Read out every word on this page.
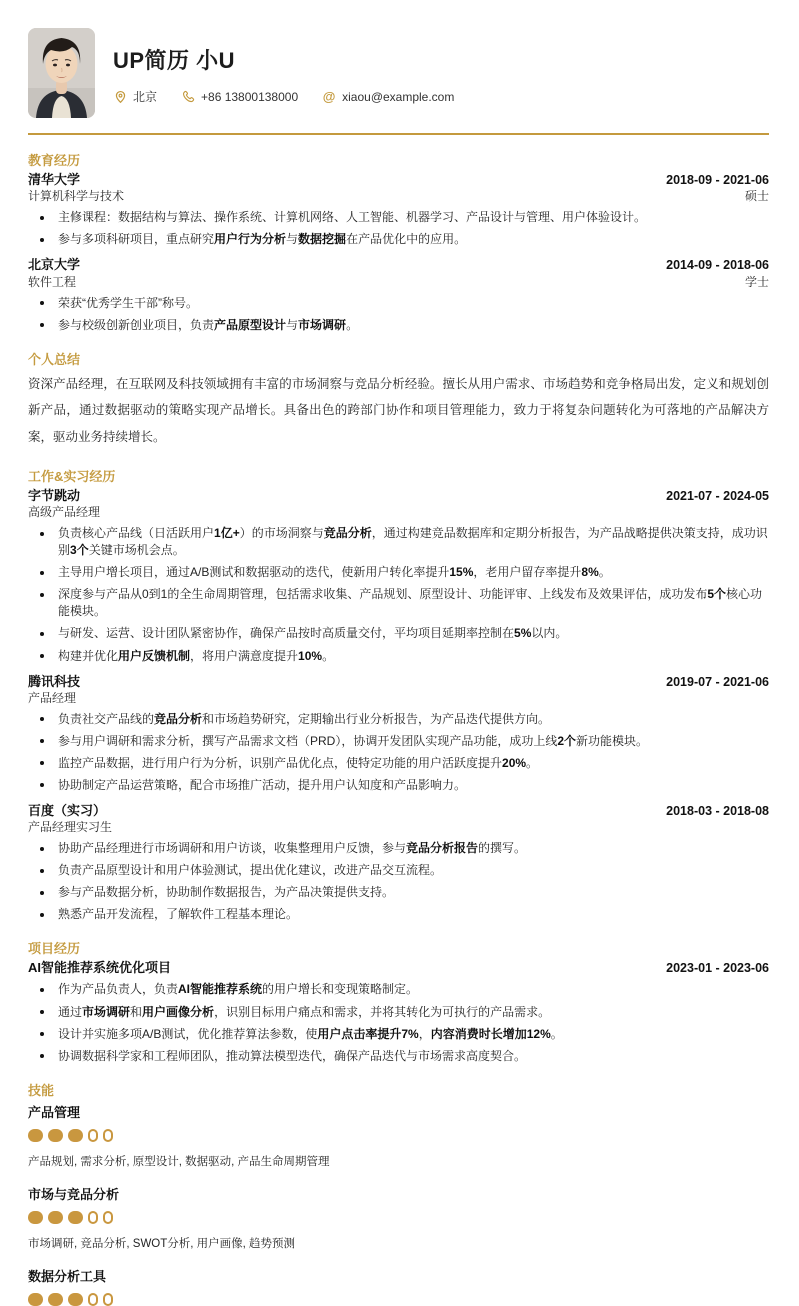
UP简历 小U
北京	+86 13800138000 @ xiaou@example.com
教育经历
清华大学	2018-09 - 2021-06
计算机科学与技术	硕士
主修课程：数据结构与算法、操作系统、计算机网络、人工智能、机器学习、产品设计与管理、用户体验设计。
参与多项科研项目，重点研究用户行为分析与数据挖掘在产品优化中的应用。
北京大学	2014-09 - 2018-06
软件工程	学士
荣获“优秀学生干部”称号。
参与校级创新创业项目，负责产品原型设计与市场调研。
个人总结

资深产品经理，在互联网及科技领域拥有丰富的市场洞察与竞品分析经验。擅长从用户需求、市场趋势和竞争格局出发，定义和规划创新产品，通过数据驱动的策略实现产品增长。具备出色的跨部门协作和项目管理能力，致力于将复杂问题转化为可落地的产品解决方案，驱动业务持续增长。

工作&实习经历
字节跳动	2021-07 - 2024-05
高级产品经理
负责核心产品线（日活跃用户1亿+）的市场洞察与竞品分析，通过构建竞品数据库和定期分析报告，为产品战略提供决策支持，成功识别3个关键市场机会点。
主导用户增长项目，通过A/B测试和数据驱动的迭代，使新用户转化率提升15%，老用户留存率提升8%。
深度参与产品从0到1的全生命周期管理，包括需求收集、产品规划、原型设计、功能评审、上线发布及效果评估，成功发布5个核心功能模块。
与研发、运营、设计团队紧密协作，确保产品按时高质量交付，平均项目延期率控制在5%以内。
构建并优化用户反馈机制，将用户满意度提升10%。
腾讯科技	2019-07 - 2021-06
产品经理
负责社交产品线的竞品分析和市场趋势研究，定期输出行业分析报告，为产品迭代提供方向。
参与用户调研和需求分析，撰写产品需求文档（PRD），协调开发团队实现产品功能，成功上线2个新功能模块。
监控产品数据，进行用户行为分析，识别产品优化点，使特定功能的用户活跃度提升20%。
协助制定产品运营策略，配合市场推广活动，提升用户认知度和产品影响力。
百度（实习）	2018-03 - 2018-08
产品经理实习生
协助产品经理进行市场调研和用户访谈，收集整理用户反馈，参与竞品分析报告的撰写。
负责产品原型设计和用户体验测试，提出优化建议，改进产品交互流程。
参与产品数据分析，协助制作数据报告，为产品决策提供支持。
熟悉产品开发流程，了解软件工程基本理论。
项目经历
AI智能推荐系统优化项目	2023-01 - 2023-06
作为产品负责人，负责AI智能推荐系统的用户增长和变现策略制定。
通过市场调研和用户画像分析，识别目标用户痛点和需求，并将其转化为可执行的产品需求。
设计并实施多项A/B测试，优化推荐算法参数，使用户点击率提升7%，内容消费时长增加12%。
协调数据科学家和工程师团队，推动算法模型迭代，确保产品迭代与市场需求高度契合。
技能
产品管理
产品规划, 需求分析, 原型设计, 数据驱动, 产品生命周期管理
市场与竞品分析
市场调研, 竞品分析, SWOT分析, 用户画像, 趋势预测
数据分析工具
